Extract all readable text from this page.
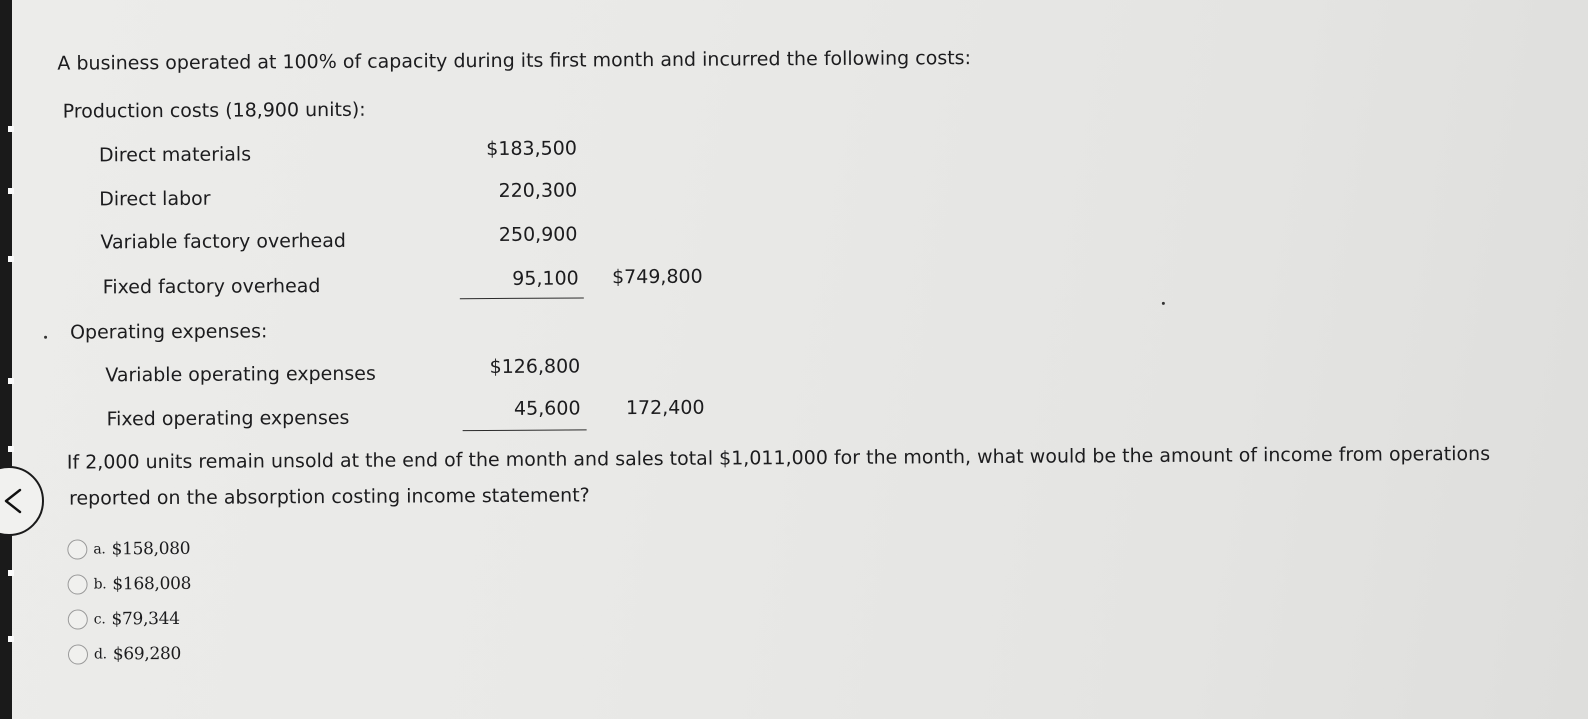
A business operated at 100% of capacity during its first month and incurred the following costs:
Production costs (18,900 units):
Direct materials	$183,500
Direct labor	220,300
Variable factory overhead	250,900
Fixed factory overhead	95,100	$749,800
Operating expenses:
Variable operating expenses	$126,800
Fixed operating expenses	45,600	172,400
If 2,000 units remain unsold at the end of the month and sales total $1,011,000 for the month, what would be the amount of income from operations
reported on the absorption costing income statement?
a. $158,080
b. $168,008
c. $79,344
d. $69,280
